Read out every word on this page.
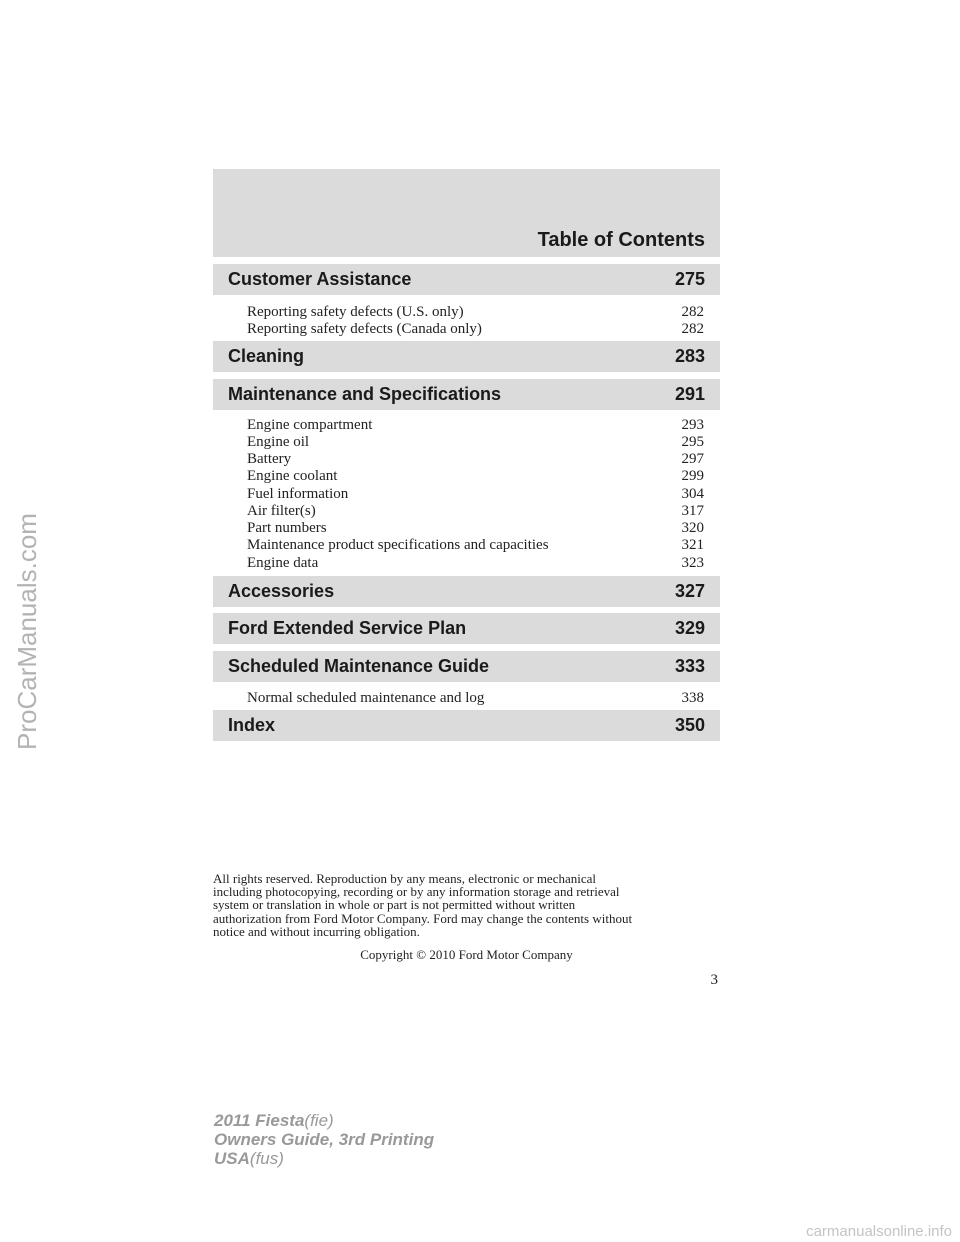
Table of Contents
Customer Assistance	275
Reporting safety defects (U.S. only)	282
Reporting safety defects (Canada only)	282
Cleaning	283
Maintenance and Specifications	291
Engine compartment	293
Engine oil	295
Battery	297
Engine coolant	299
Fuel information	304
Air filter(s)	317
Part numbers	320
Maintenance product specifications and capacities	321
Engine data	323
Accessories	327
Ford Extended Service Plan	329
Scheduled Maintenance Guide	333
Normal scheduled maintenance and log	338
Index	350
All rights reserved. Reproduction by any means, electronic or mechanical
including photocopying, recording or by any information storage and retrieval
system or translation in whole or part is not permitted without written
authorization from Ford Motor Company. Ford may change the contents without
notice and without incurring obligation.
Copyright © 2010 Ford Motor Company
3
2011 Fiesta(fie)
Owners Guide, 3rd Printing
USA(fus)
ProCarManuals.com
carmanualsonline.info
